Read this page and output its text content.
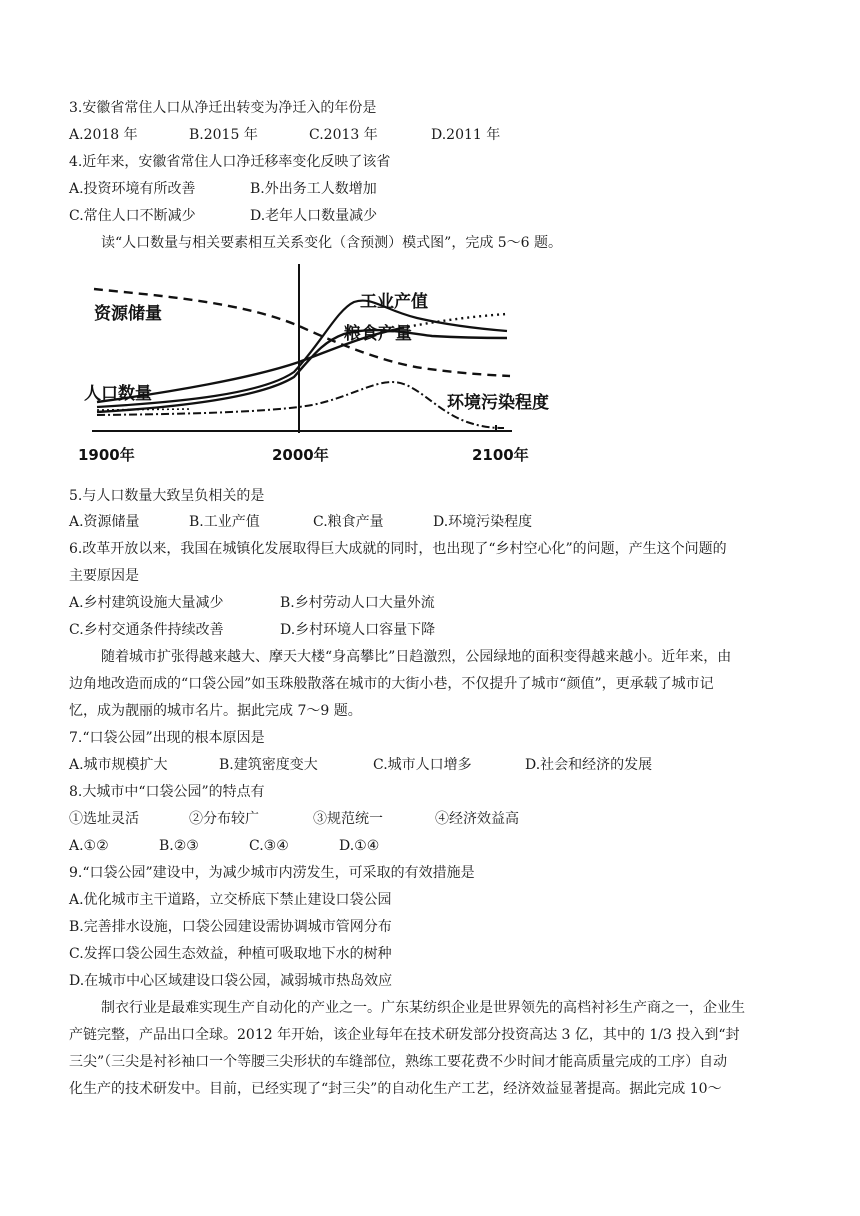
3.安徽省常住人口从净迁出转变为净迁入的年份是
A.2018 年	B.2015 年	C.2013 年	D.2011 年
4.近年来，安徽省常住人口净迁移率变化反映了该省
A.投资环境有所改善	B.外出务工人数增加
C.常住人口不断减少	D.老年人口数量减少
读“人口数量与相关要素相互关系变化（含预测）模式图”，完成 5～6 题。
资源储量
工业产值
粮食产量
人口数量	环境污染程度
1900年	2000年	2100年
5.与人口数量大致呈负相关的是
A.资源储量	B.工业产值	C.粮食产量	D.环境污染程度
6.改革开放以来，我国在城镇化发展取得巨大成就的同时，也出现了“乡村空心化”的问题，产生这个问题的
主要原因是
A.乡村建筑设施大量减少	B.乡村劳动人口大量外流
C.乡村交通条件持续改善	D.乡村环境人口容量下降
随着城市扩张得越来越大、摩天大楼“身高攀比”日趋激烈，公园绿地的面积变得越来越小。近年来，由
边角地改造而成的“口袋公园”如玉珠般散落在城市的大街小巷，不仅提升了城市“颜值”，更承载了城市记
忆，成为靓丽的城市名片。据此完成 7～9 题。
7.“口袋公园”出现的根本原因是
A.城市规模扩大	B.建筑密度变大	C.城市人口增多	D.社会和经济的发展
8.大城市中“口袋公园”的特点有
①选址灵活	②分布较广	③规范统一	④经济效益高
A.①②	B.②③	C.③④	D.①④
9.“口袋公园”建设中，为减少城市内涝发生，可采取的有效措施是
A.优化城市主干道路，立交桥底下禁止建设口袋公园
B.完善排水设施，口袋公园建设需协调城市管网分布
C.发挥口袋公园生态效益，种植可吸取地下水的树种
D.在城市中心区域建设口袋公园，减弱城市热岛效应
制衣行业是最难实现生产自动化的产业之一。广东某纺织企业是世界领先的高档衬衫生产商之一，企业生
产链完整，产品出口全球。2012 年开始，该企业每年在技术研发部分投资高达 3 亿，其中的 1/3 投入到“封
三尖”（三尖是衬衫袖口一个等腰三尖形状的车缝部位，熟练工要花费不少时间才能高质量完成的工序）自动
化生产的技术研发中。目前，已经实现了“封三尖”的自动化生产工艺，经济效益显著提高。据此完成 10～
